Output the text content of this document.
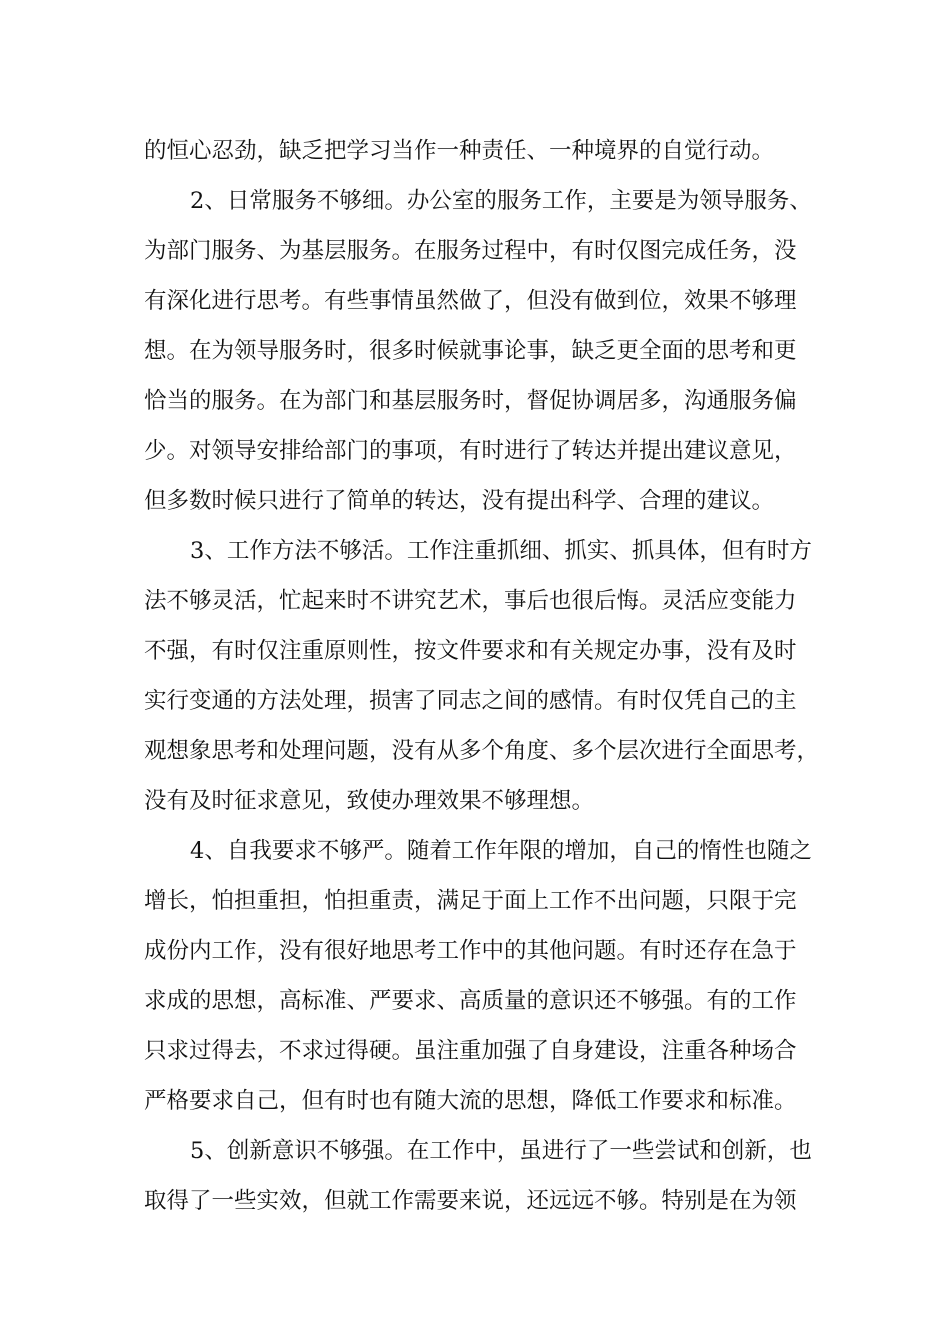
的恒心忍劲，缺乏把学习当作一种责任、一种境界的自觉行动。
2、日常服务不够细。办公室的服务工作，主要是为领导服务、
为部门服务、为基层服务。在服务过程中，有时仅图完成任务，没
有深化进行思考。有些事情虽然做了，但没有做到位，效果不够理
想。在为领导服务时，很多时候就事论事，缺乏更全面的思考和更
恰当的服务。在为部门和基层服务时，督促协调居多，沟通服务偏
少。对领导安排给部门的事项，有时进行了转达并提出建议意见，
但多数时候只进行了简单的转达，没有提出科学、合理的建议。
3、工作方法不够活。工作注重抓细、抓实、抓具体，但有时方
法不够灵活，忙起来时不讲究艺术，事后也很后悔。灵活应变能力
不强，有时仅注重原则性，按文件要求和有关规定办事，没有及时
实行变通的方法处理，损害了同志之间的感情。有时仅凭自己的主
观想象思考和处理问题，没有从多个角度、多个层次进行全面思考，
没有及时征求意见，致使办理效果不够理想。
4、自我要求不够严。随着工作年限的增加，自己的惰性也随之
增长，怕担重担，怕担重责，满足于面上工作不出问题，只限于完
成份内工作，没有很好地思考工作中的其他问题。有时还存在急于
求成的思想，高标准、严要求、高质量的意识还不够强。有的工作
只求过得去，不求过得硬。虽注重加强了自身建设，注重各种场合
严格要求自己，但有时也有随大流的思想，降低工作要求和标准。
5、创新意识不够强。在工作中，虽进行了一些尝试和创新，也
取得了一些实效，但就工作需要来说，还远远不够。特别是在为领
